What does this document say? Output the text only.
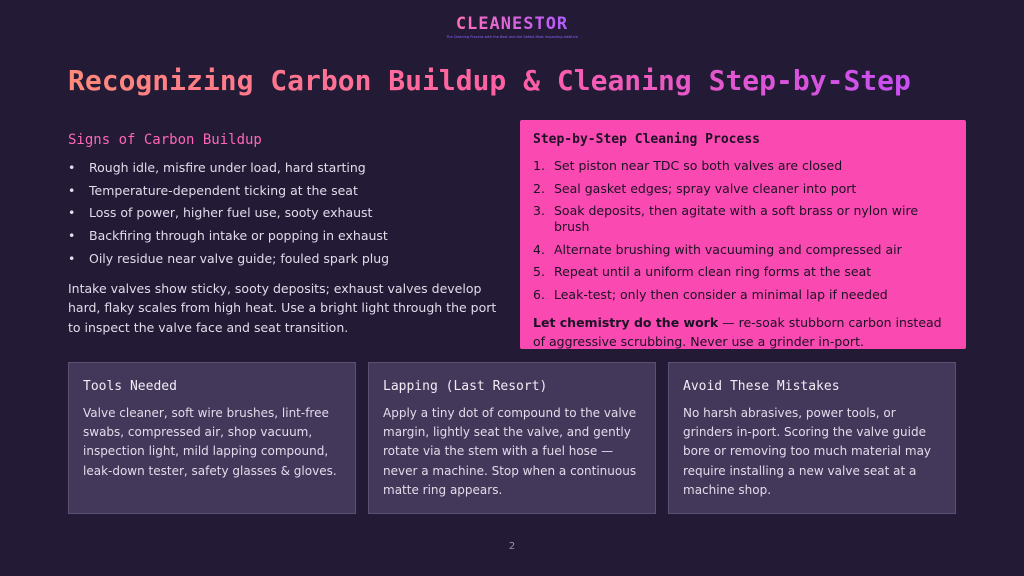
CLEANESTOR
The Cleaning Process with the Best and the Safest Most Impacting Additive
Recognizing Carbon Buildup & Cleaning Step-by-Step
Signs of Carbon Buildup
• Rough idle, misfire under load, hard starting
• Temperature-dependent ticking at the seat
• Loss of power, higher fuel use, sooty exhaust
• Backfiring through intake or popping in exhaust
• Oily residue near valve guide; fouled spark plug

Intake valves show sticky, sooty deposits; exhaust valves develop hard, flaky scales from high heat. Use a bright light through the port to inspect the valve face and seat transition.

Step-by-Step Cleaning Process
1. Set piston near TDC so both valves are closed
2. Seal gasket edges; spray valve cleaner into port
3. Soak deposits, then agitate with a soft brass or nylon wire brush
4. Alternate brushing with vacuuming and compressed air
5. Repeat until a uniform clean ring forms at the seat
6. Leak-test; only then consider a minimal lap if needed

Let chemistry do the work — re-soak stubborn carbon instead of aggressive scrubbing. Never use a grinder in-port.

Tools Needed

Valve cleaner, soft wire brushes, lint-free swabs, compressed air, shop vacuum, inspection light, mild lapping compound, leak-down tester, safety glasses & gloves.

Lapping (Last Resort)

Apply a tiny dot of compound to the valve margin, lightly seat the valve, and gently rotate via the stem with a fuel hose — never a machine. Stop when a continuous matte ring appears.

Avoid These Mistakes

No harsh abrasives, power tools, or grinders in-port. Scoring the valve guide bore or removing too much material may require installing a new valve seat at a machine shop.

2
